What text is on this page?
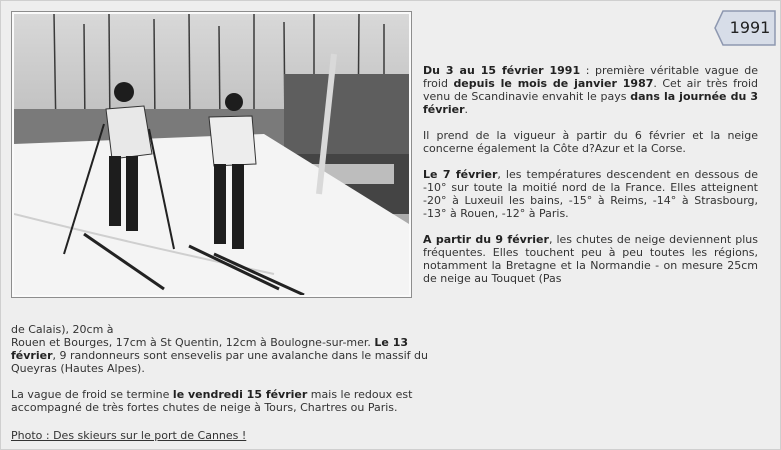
1991

Du 3 au 15 février 1991 : première véritable vague de froid depuis le mois de janvier 1987. Cet air très froid venu de Scandinavie envahit le pays dans la journée du 3 février.

Il prend de la vigueur à partir du 6 février et la neige concerne également la Côte d?Azur et la Corse.

Le 7 février, les températures descendent en dessous de -10° sur toute la moitié nord de la France. Elles atteignent -20° à Luxeuil les bains, -15° à Reims, -14° à Strasbourg, -13° à Rouen, -12° à Paris.

A partir du 9 février, les chutes de neige deviennent plus fréquentes. Elles touchent peu à peu toutes les régions, notamment la Bretagne et la Normandie - on mesure 25cm de neige au Touquet (Pas

de Calais), 20cm à
Rouen et Bourges, 17cm à St Quentin, 12cm à Boulogne-sur-mer. Le 13 février, 9 randonneurs sont ensevelis par une avalanche dans le massif du Queyras (Hautes Alpes).

La vague de froid se termine le vendredi 15 février mais le redoux est accompagné de très fortes chutes de neige à Tours, Chartres ou Paris.

Photo : Des skieurs sur le port de Cannes !
